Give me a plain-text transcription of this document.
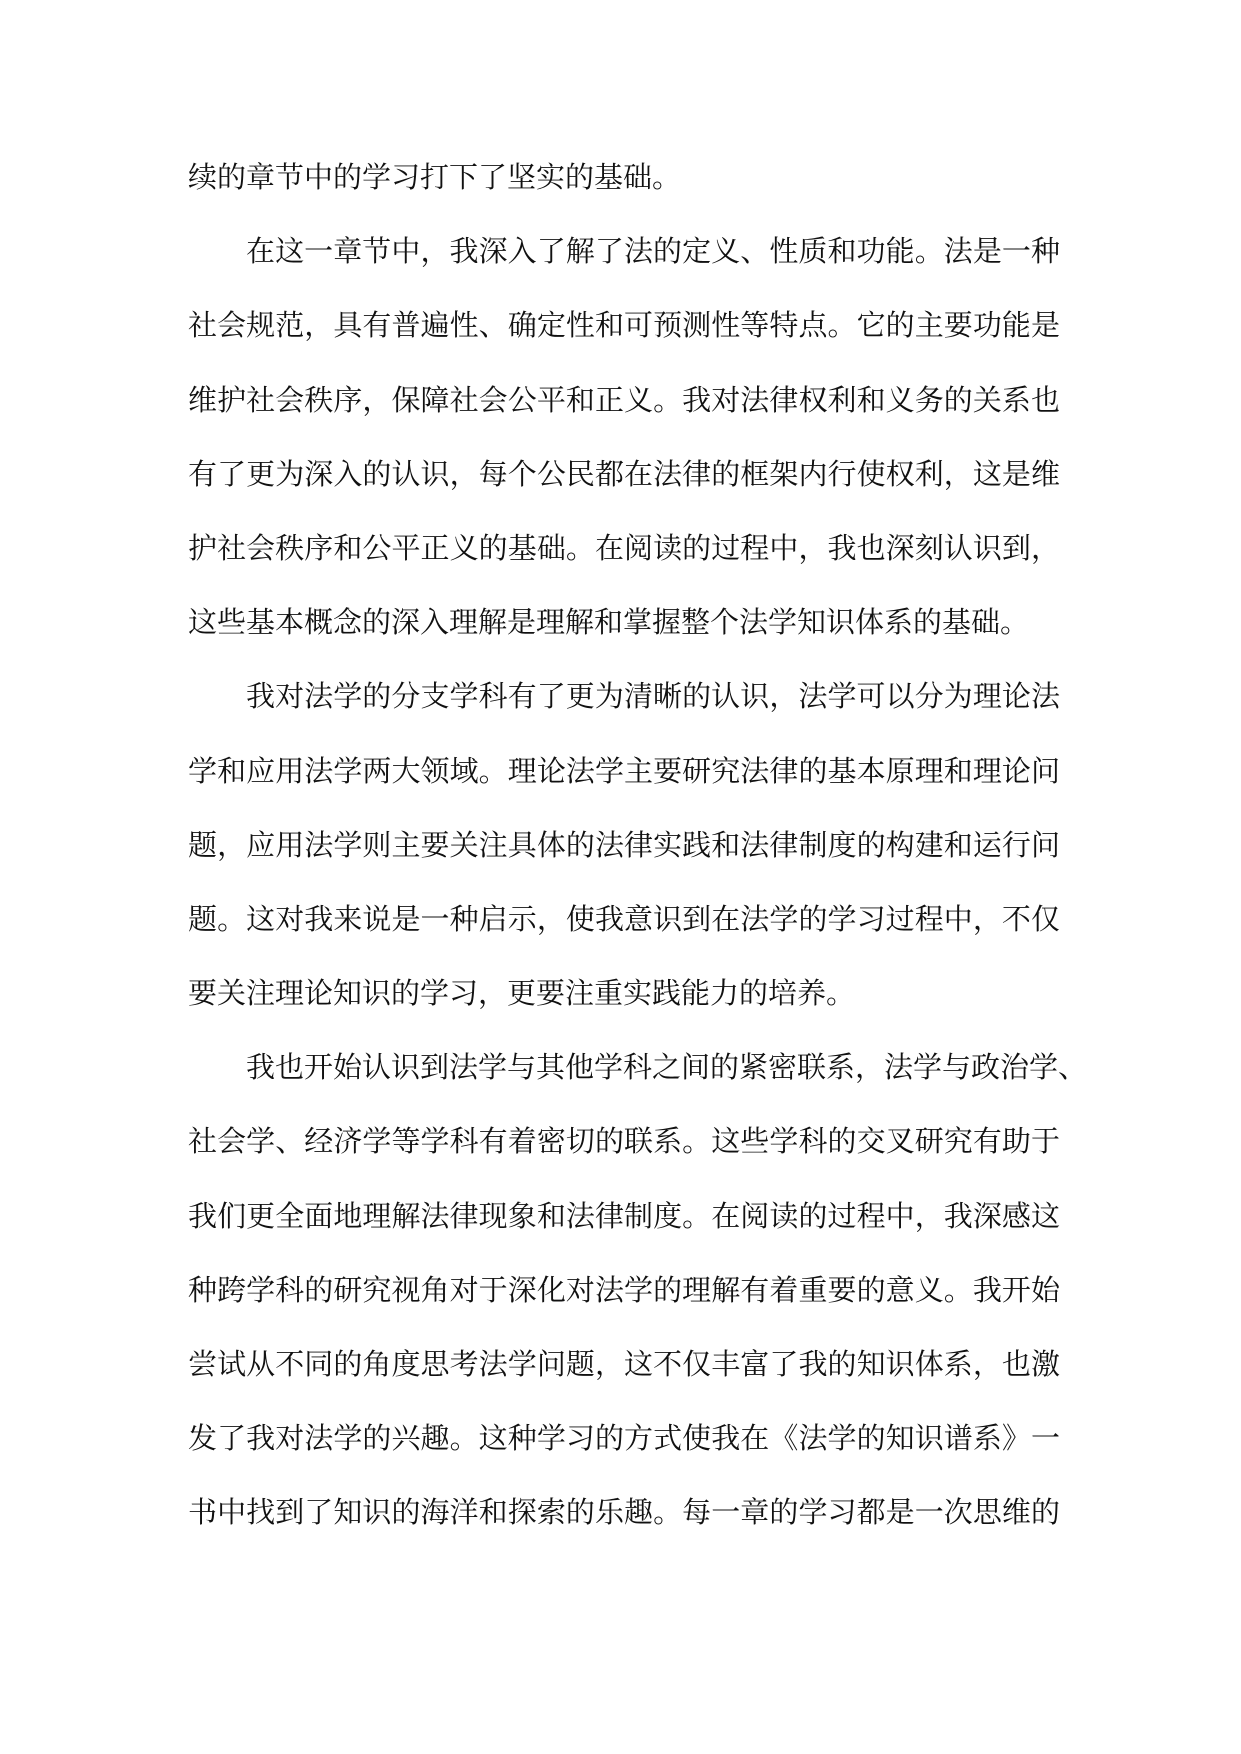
续的章节中的学习打下了坚实的基础。
在这一章节中，我深入了解了法的定义、性质和功能。法是一种
社会规范，具有普遍性、确定性和可预测性等特点。它的主要功能是
维护社会秩序，保障社会公平和正义。我对法律权利和义务的关系也
有了更为深入的认识，每个公民都在法律的框架内行使权利，这是维
护社会秩序和公平正义的基础。在阅读的过程中，我也深刻认识到，
这些基本概念的深入理解是理解和掌握整个法学知识体系的基础。
我对法学的分支学科有了更为清晰的认识，法学可以分为理论法
学和应用法学两大领域。理论法学主要研究法律的基本原理和理论问
题，应用法学则主要关注具体的法律实践和法律制度的构建和运行问
题。这对我来说是一种启示，使我意识到在法学的学习过程中，不仅
要关注理论知识的学习，更要注重实践能力的培养。
我也开始认识到法学与其他学科之间的紧密联系，法学与政治学、
社会学、经济学等学科有着密切的联系。这些学科的交叉研究有助于
我们更全面地理解法律现象和法律制度。在阅读的过程中，我深感这
种跨学科的研究视角对于深化对法学的理解有着重要的意义。我开始
尝试从不同的角度思考法学问题，这不仅丰富了我的知识体系，也激
发了我对法学的兴趣。这种学习的方式使我在《法学的知识谱系》一
书中找到了知识的海洋和探索的乐趣。每一章的学习都是一次思维的
